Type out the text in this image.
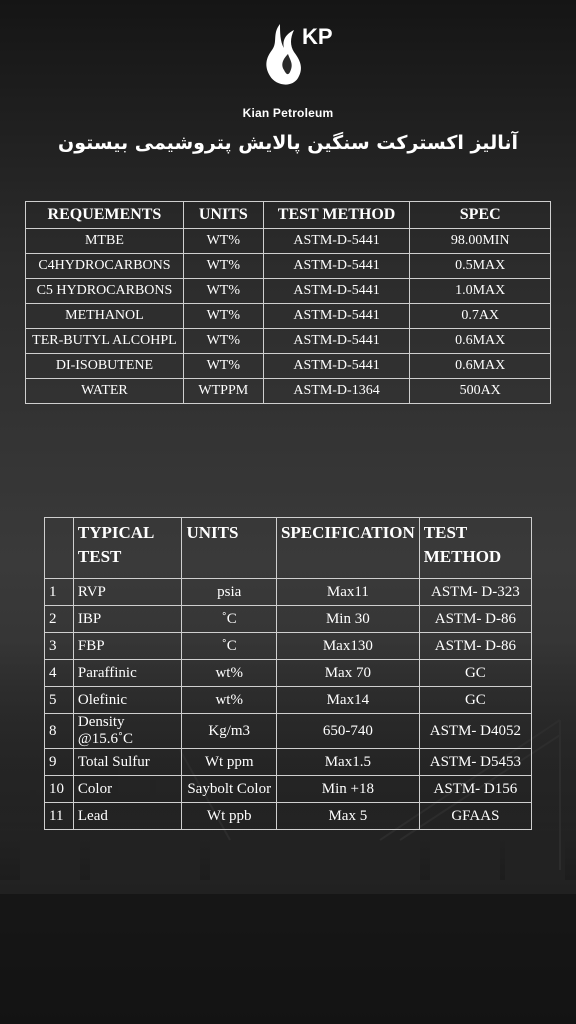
KP
Kian Petroleum
آنالیز اکسترکت سنگین پالایش پتروشیمی بیستون
REQUEMENTS	UNITS	TEST METHOD	SPEC
MTBE	WT%	ASTM-D-5441	98.00MIN
C4HYDROCARBONS	WT%	ASTM-D-5441	0.5MAX
C5 HYDROCARBONS	WT%	ASTM-D-5441	1.0MAX
METHANOL	WT%	ASTM-D-5441	0.7AX
TER-BUTYL ALCOHPL	WT%	ASTM-D-5441	0.6MAX
DI-ISOBUTENE	WT%	ASTM-D-5441	0.6MAX
WATER	WTPPM	ASTM-D-1364	500AX
	TYPICAL TEST	UNITS	SPECIFICATION	TEST METHOD
1	RVP	psia	Max11	ASTM- D-323
2	IBP	˚C	Min 30	ASTM- D-86
3	FBP	˚C	Max130	ASTM- D-86
4	Paraffinic	wt%	Max 70	GC
5	Olefinic	wt%	Max14	GC
8	Density @15.6˚C	Kg/m3	650-740	ASTM- D4052
9	Total Sulfur	Wt ppm	Max1.5	ASTM- D5453
10	Color	Saybolt Color	Min +18	ASTM- D156
11	Lead	Wt ppb	Max 5	GFAAS
